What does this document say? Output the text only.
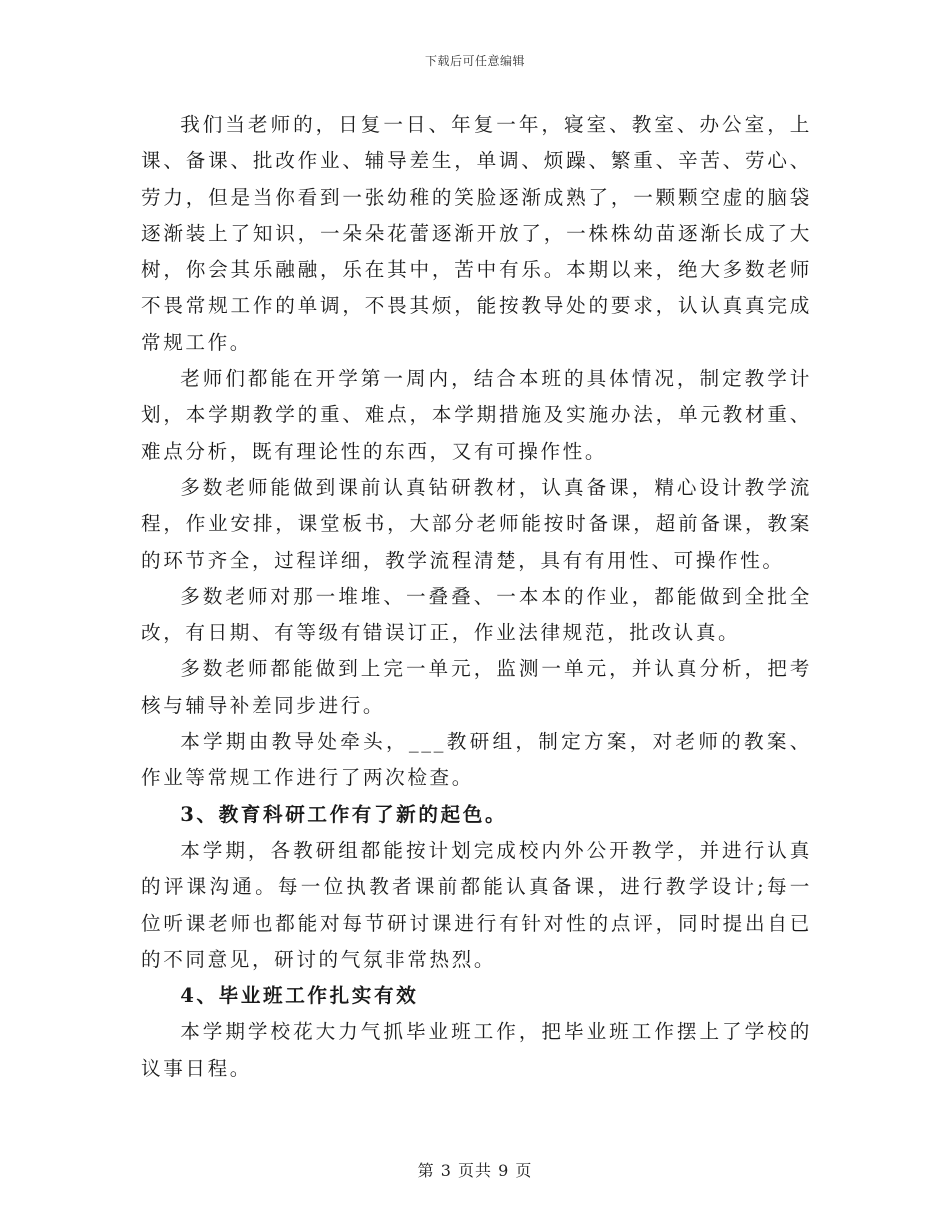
下载后可任意编辑

我们当老师的，日复一日、年复一年，寝室、教室、办公室，上课、备课、批改作业、辅导差生，单调、烦躁、繁重、辛苦、劳心、劳力，但是当你看到一张幼稚的笑脸逐渐成熟了，一颗颗空虚的脑袋逐渐装上了知识，一朵朵花蕾逐渐开放了，一株株幼苗逐渐长成了大树，你会其乐融融，乐在其中，苦中有乐。本期以来，绝大多数老师不畏常规工作的单调，不畏其烦，能按教导处的要求，认认真真完成常规工作。

老师们都能在开学第一周内，结合本班的具体情况，制定教学计划，本学期教学的重、难点，本学期措施及实施办法，单元教材重、难点分析，既有理论性的东西，又有可操作性。

多数老师能做到课前认真钻研教材，认真备课，精心设计教学流程，作业安排，课堂板书，大部分老师能按时备课，超前备课，教案的环节齐全，过程详细，教学流程清楚，具有有用性、可操作性。

多数老师对那一堆堆、一叠叠、一本本的作业，都能做到全批全改，有日期、有等级有错误订正，作业法律规范，批改认真。

多数老师都能做到上完一单元，监测一单元，并认真分析，把考核与辅导补差同步进行。

本学期由教导处牵头，___教研组，制定方案，对老师的教案、作业等常规工作进行了两次检查。

3、教育科研工作有了新的起色。

本学期，各教研组都能按计划完成校内外公开教学，并进行认真的评课沟通。每一位执教者课前都能认真备课，进行教学设计;每一位听课老师也都能对每节研讨课进行有针对性的点评，同时提出自已的不同意见，研讨的气氛非常热烈。

4、毕业班工作扎实有效

本学期学校花大力气抓毕业班工作，把毕业班工作摆上了学校的议事日程。

第 3 页共 9 页
